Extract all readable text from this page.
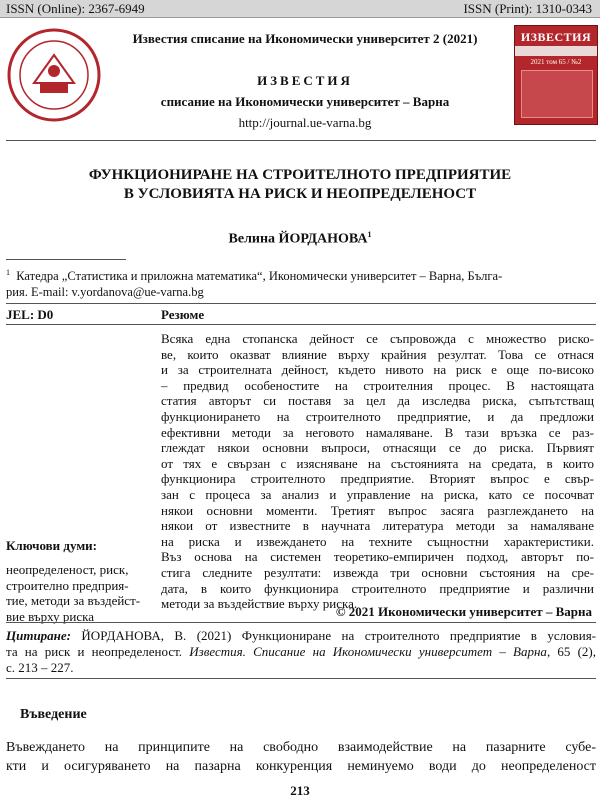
ISSN (Online): 2367-6949	ISSN (Print): 1310-0343
ИЗВЕСТИЯ
2021 том 65 / №2
Известия списание на Икономически университет 2 (2021)
ИЗВЕСТИЯ
списание на Икономически университет – Варна
http://journal.ue-varna.bg
ФУНКЦИОНИРАНЕ НА СТРОИТЕЛНОТО ПРЕДПРИЯТИЕ
В УСЛОВИЯТА НА РИСК И НЕОПРЕДЕЛЕНОСТ
Велина ЙОРДАНОВА$^1$
$^1$ Катедра „Статистика и приложна математика“, Икономически университет – Варна, Бълга-
рия. E-mail: v.yordanova@ue-varna.bg
JEL: D0	Резюме
Всяка една стопанска дейност се съпровожда с множество риско-
ве, които оказват влияние върху крайния резултат. Това се отнася
и за строителната дейност, където нивото на риск е още по-високо
– предвид особеностите на строителния процес. В настоящата
статия авторът си поставя за цел да изследва риска, съпътстващ
функционирането на строителното предприятие, и да предложи
ефективни методи за неговото намаляване. В тази връзка се раз-
глеждат някои основни въпроси, отнасящи се до риска. Първият
от тях е свързан с изясняване на състоянията на средата, в които
функционира строителното предприятие. Вторият въпрос е свър-
зан с процеса за анализ и управление на риска, като се посочват
някои основни моменти. Третият въпрос засяга разглеждането на
някои от известните в научната литература методи за намаляване
на риска и извеждането на техните същностни характеристики.
Въз основа на системен теоретико-емпиричен подход, авторът по-
стига следните резултати: извежда три основни състояния на сре-
дата, в които функционира строителното предприятие и различни
методи за въздействие върху риска.
Ключови думи:
неопределеност, риск,
строително предприя-
тие, методи за въздейст-
вие върху риска	© 2021 Икономически университет – Варна
Цитиране: ЙОРДАНОВА, В. (2021) Функциониране на строителното предприятие в условия-
та на риск и неопределеност. Известия. Списание на Икономически университет – Варна, 65 (2),
с. 213 – 227.
Въведение
Въвеждането на принципите на свободно взаимодействие на пазарните субе-
кти и осигуряването на пазарна конкуренция неминуемо води до неопределеност
213
